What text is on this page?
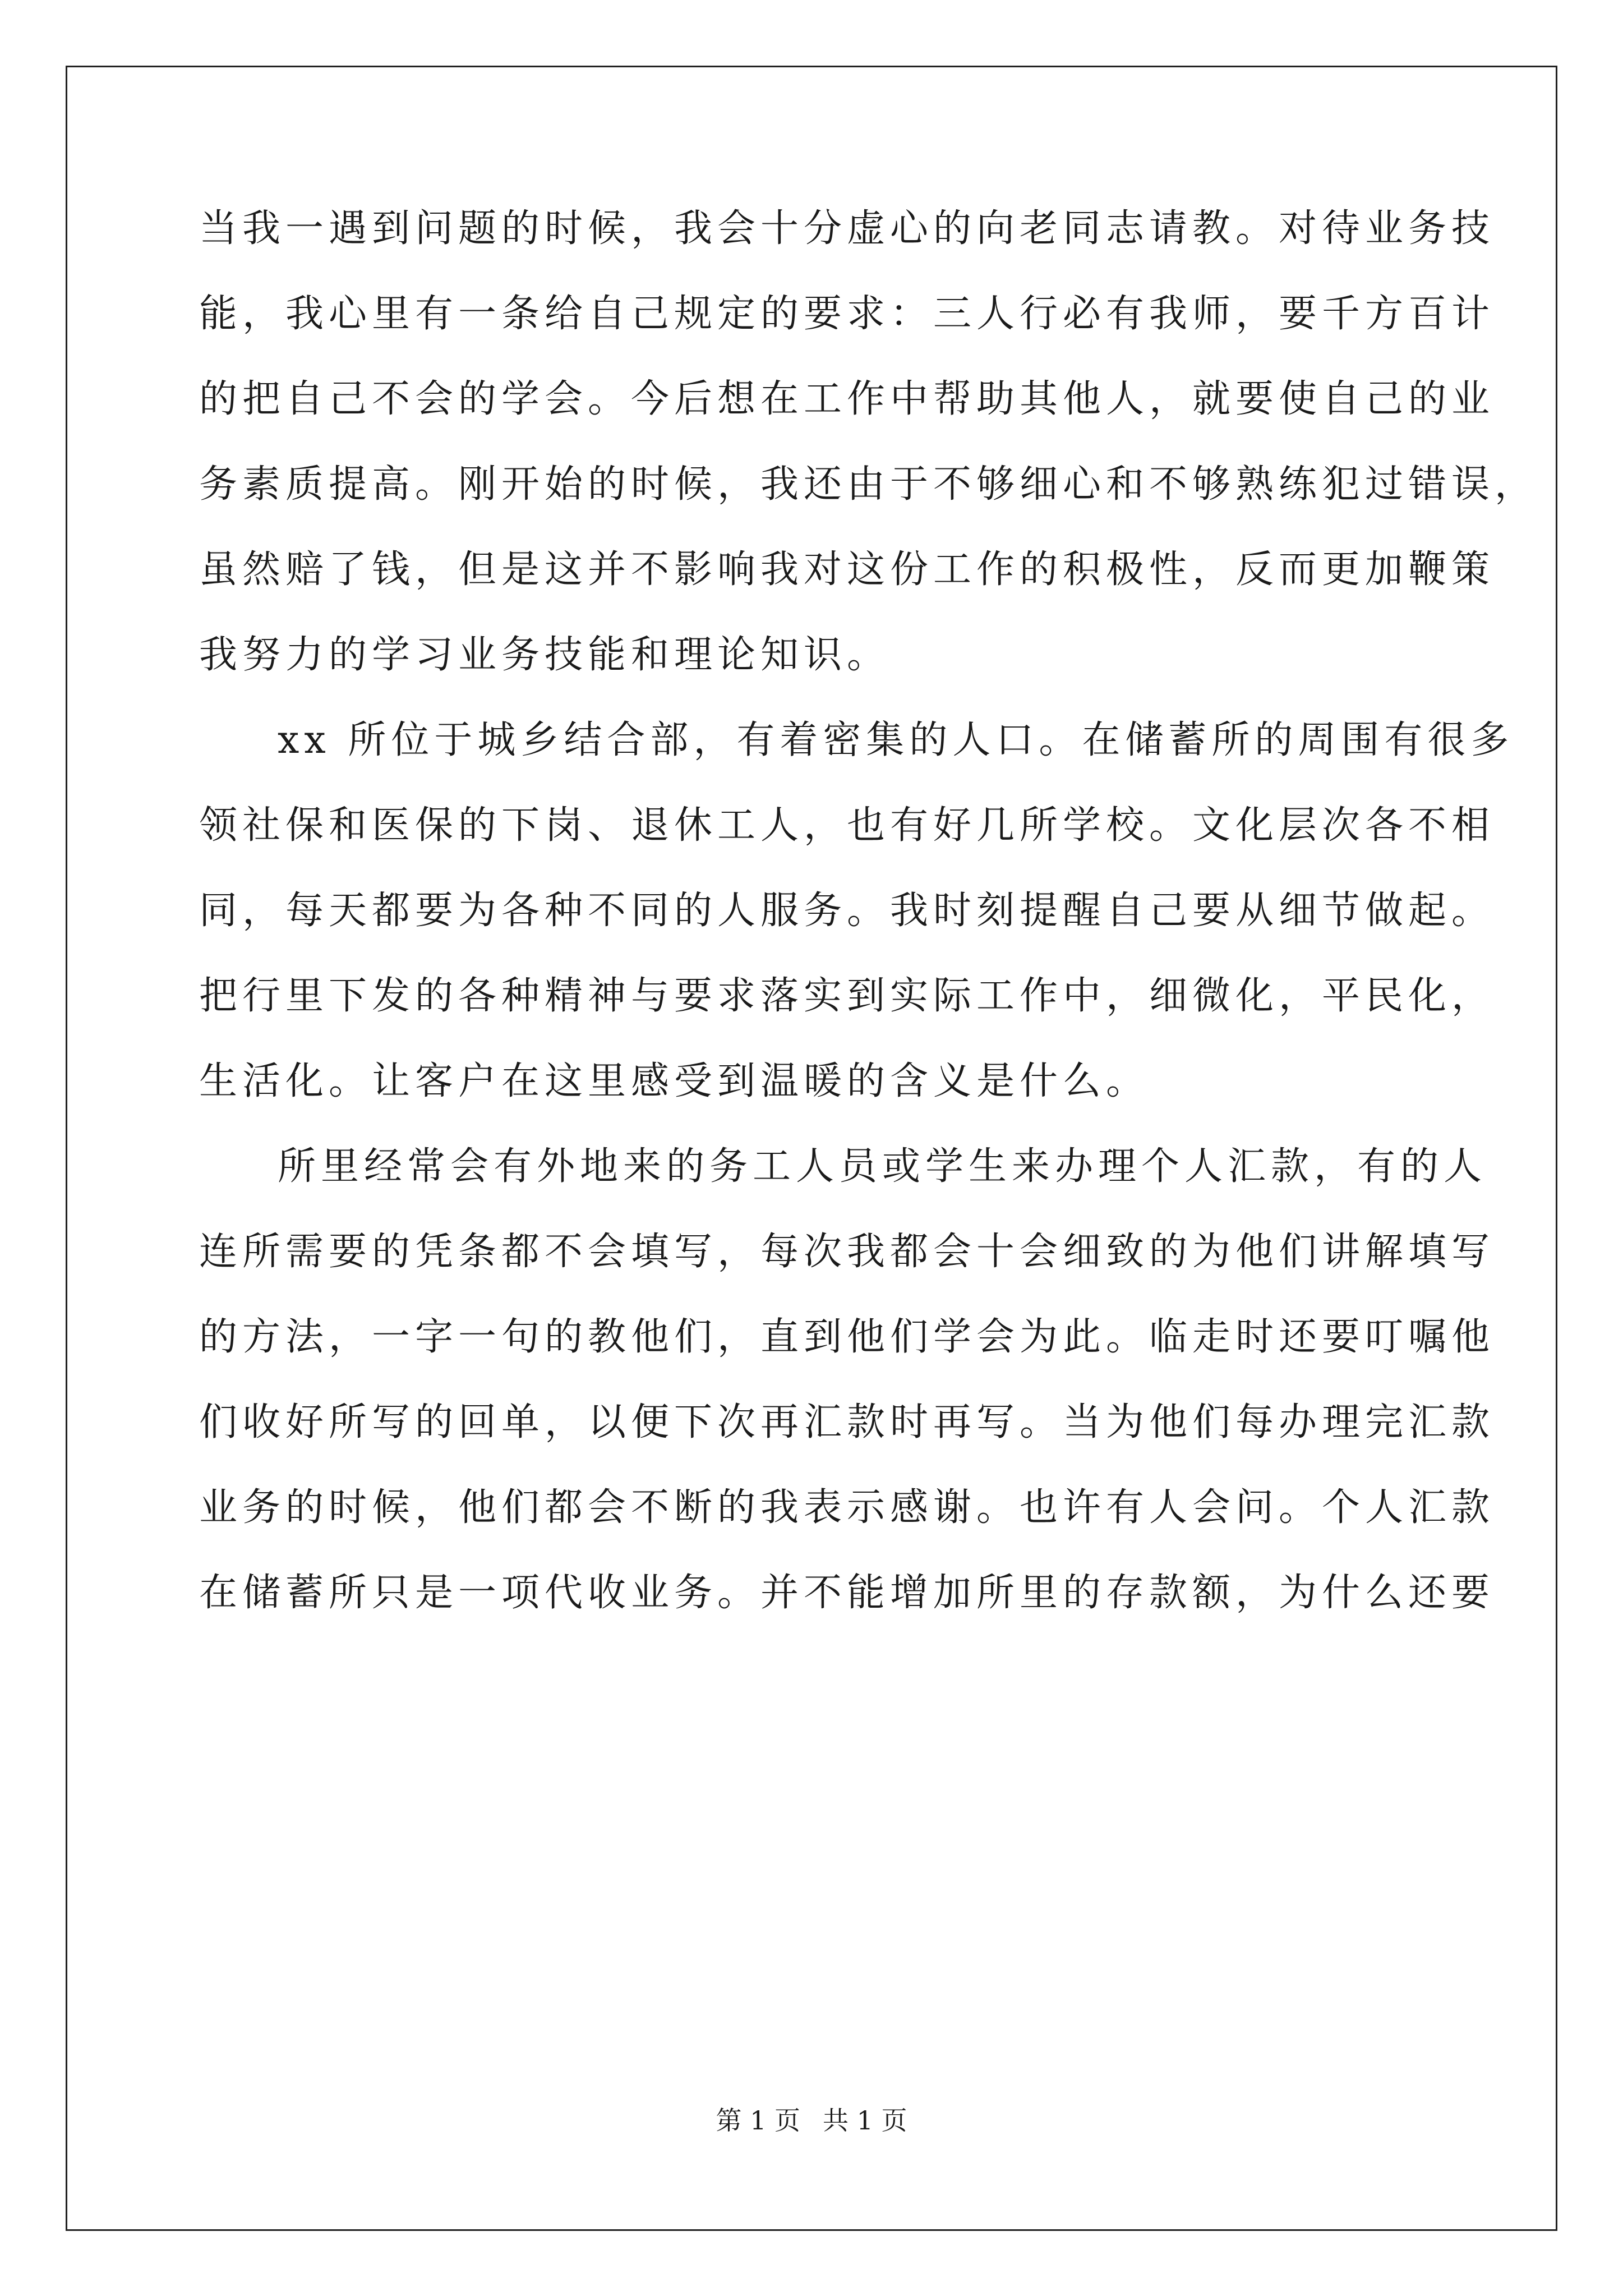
当我一遇到问题的时候，我会十分虚心的向老同志请教。对待业务技
能，我心里有一条给自己规定的要求：三人行必有我师，要千方百计
的把自己不会的学会。今后想在工作中帮助其他人，就要使自己的业
务素质提高。刚开始的时候，我还由于不够细心和不够熟练犯过错误，
虽然赔了钱，但是这并不影响我对这份工作的积极性，反而更加鞭策
我努力的学习业务技能和理论知识。
xx 所位于城乡结合部，有着密集的人口。在储蓄所的周围有很多
领社保和医保的下岗、退休工人，也有好几所学校。文化层次各不相
同，每天都要为各种不同的人服务。我时刻提醒自己要从细节做起。
把行里下发的各种精神与要求落实到实际工作中，细微化，平民化，
生活化。让客户在这里感受到温暖的含义是什么。
所里经常会有外地来的务工人员或学生来办理个人汇款，有的人
连所需要的凭条都不会填写，每次我都会十会细致的为他们讲解填写
的方法，一字一句的教他们，直到他们学会为此。临走时还要叮嘱他
们收好所写的回单，以便下次再汇款时再写。当为他们每办理完汇款
业务的时候，他们都会不断的我表示感谢。也许有人会问。个人汇款
在储蓄所只是一项代收业务。并不能增加所里的存款额，为什么还要
第 1 页 共 1 页
